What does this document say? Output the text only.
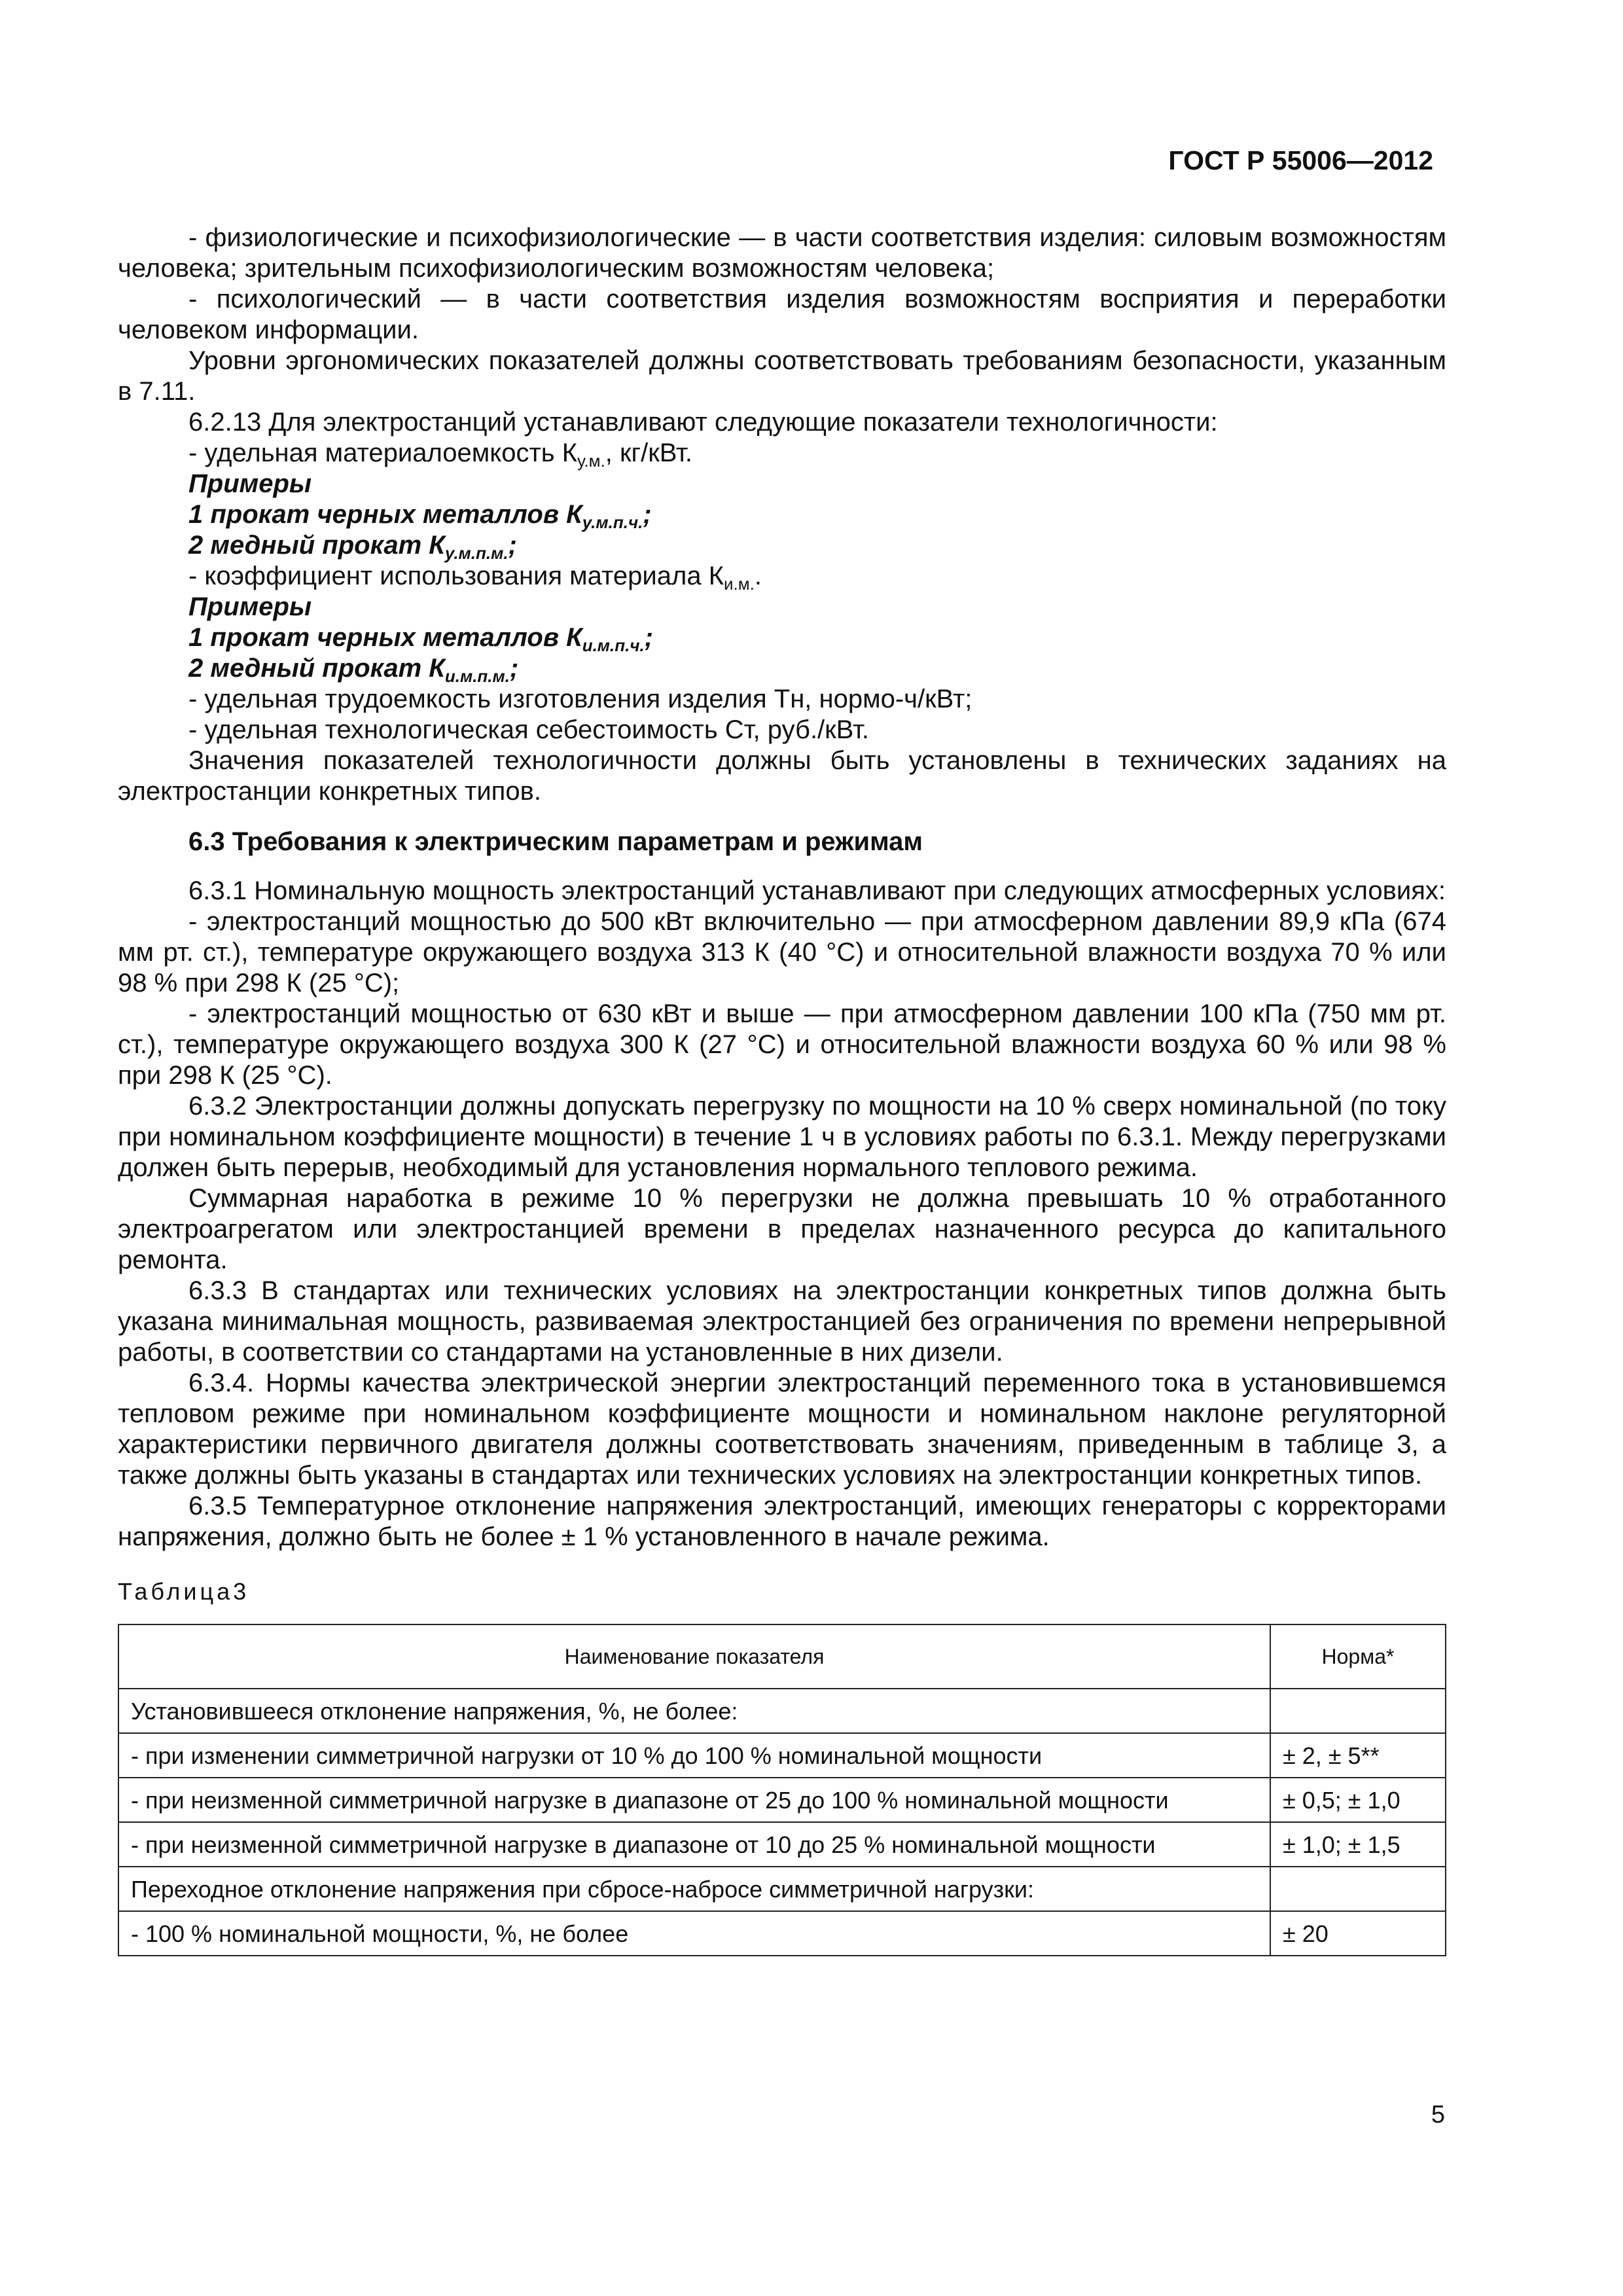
ГОСТ Р 55006—2012

- физиологические и психофизиологические — в части соответствия изделия: силовым возможностям человека; зрительным психофизиологическим возможностям человека;

- психологический — в части соответствия изделия возможностям восприятия и переработки человеком информации.

Уровни эргономических показателей должны соответствовать требованиям безопасности, указанным в 7.11.

6.2.13 Для электростанций устанавливают следующие показатели технологичности:

- удельная материалоемкость $К_{у.м.}$, кг/кВт.

Примеры

1 прокат черных металлов $К_{у.м.п.ч.}$;

2 медный прокат $К_{у.м.п.м.}$;

- коэффициент использования материала $К_{и.м.}$.

Примеры

1 прокат черных металлов $К_{и.м.п.ч.}$;

2 медный прокат $К_{и.м.п.м.}$;

- удельная трудоемкость изготовления изделия Тн, нормо-ч/кВт;

- удельная технологическая себестоимость Ст, руб./кВт.

Значения показателей технологичности должны быть установлены в технических заданиях на электростанции конкретных типов.

6.3 Требования к электрическим параметрам и режимам

6.3.1 Номинальную мощность электростанций устанавливают при следующих атмосферных условиях:

- электростанций мощностью до 500 кВт включительно — при атмосферном давлении 89,9 кПа (674 мм рт. ст.), температуре окружающего воздуха 313 К (40 °С) и относительной влажности воздуха 70 % или 98 % при 298 К (25 °С);

- электростанций мощностью от 630 кВт и выше — при атмосферном давлении 100 кПа (750 мм рт. ст.), температуре окружающего воздуха 300 К (27 °С) и относительной влажности воздуха 60 % или 98 % при 298 К (25 °С).

6.3.2 Электростанции должны допускать перегрузку по мощности на 10 % сверх номинальной (по току при номинальном коэффициенте мощности) в течение 1 ч в условиях работы по 6.3.1. Между перегрузками должен быть перерыв, необходимый для установления нормального теплового режима.

Суммарная наработка в режиме 10 % перегрузки не должна превышать 10 % отработанного электроагрегатом или электростанцией времени в пределах назначенного ресурса до капитального ремонта.

6.3.3 В стандартах или технических условиях на электростанции конкретных типов должна быть указана минимальная мощность, развиваемая электростанцией без ограничения по времени непрерывной работы, в соответствии со стандартами на установленные в них дизели.

6.3.4. Нормы качества электрической энергии электростанций переменного тока в установившемся тепловом режиме при номинальном коэффициенте мощности и номинальном наклоне регуляторной характеристики первичного двигателя должны соответствовать значениям, приведенным в таблице 3, а также должны быть указаны в стандартах или технических условиях на электростанции конкретных типов.

6.3.5 Температурное отклонение напряжения электростанций, имеющих генераторы с корректорами напряжения, должно быть не более ± 1 % установленного в начале режима.

Таблица3
Наименование показателя	Норма*
Установившееся отклонение напряжения, %, не более:	
- при изменении симметричной нагрузки от 10 % до 100 % номинальной мощности	± 2, ± 5**
- при неизменной симметричной нагрузке в диапазоне от 25 до 100 % номинальной мощности	± 0,5; ± 1,0
- при неизменной симметричной нагрузке в диапазоне от 10 до 25 % номинальной мощности	± 1,0; ± 1,5
Переходное отклонение напряжения при сбросе-набросе симметричной нагрузки:	
- 100 % номинальной мощности, %, не более	± 20
5
